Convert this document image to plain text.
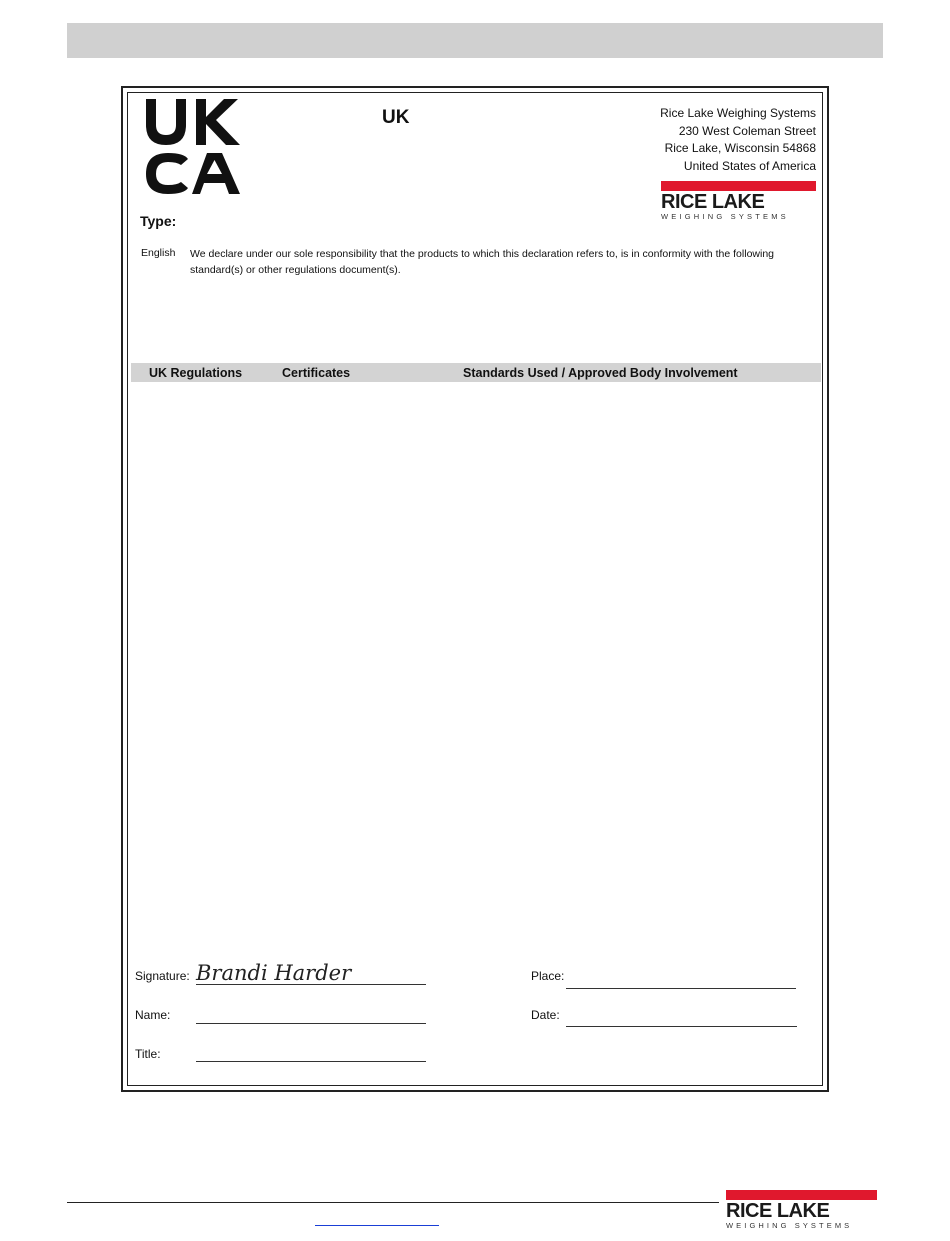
UK	Rice Lake Weighing Systems
230 West Coleman Street
Rice Lake, Wisconsin 54868
United States of America
RICE LAKE
WEIGHING SYSTEMS
Type:
English We declare under our sole responsibility that the products to which this declaration refers to, is in conformity with the following standard(s) or other regulations document(s).
UK Regulations	Certificates	Standards Used / Approved Body Involvement
Signature: Brandi Harder
Name:
Title:
Place:
Date:
RICE LAKE
WEIGHING SYSTEMS
